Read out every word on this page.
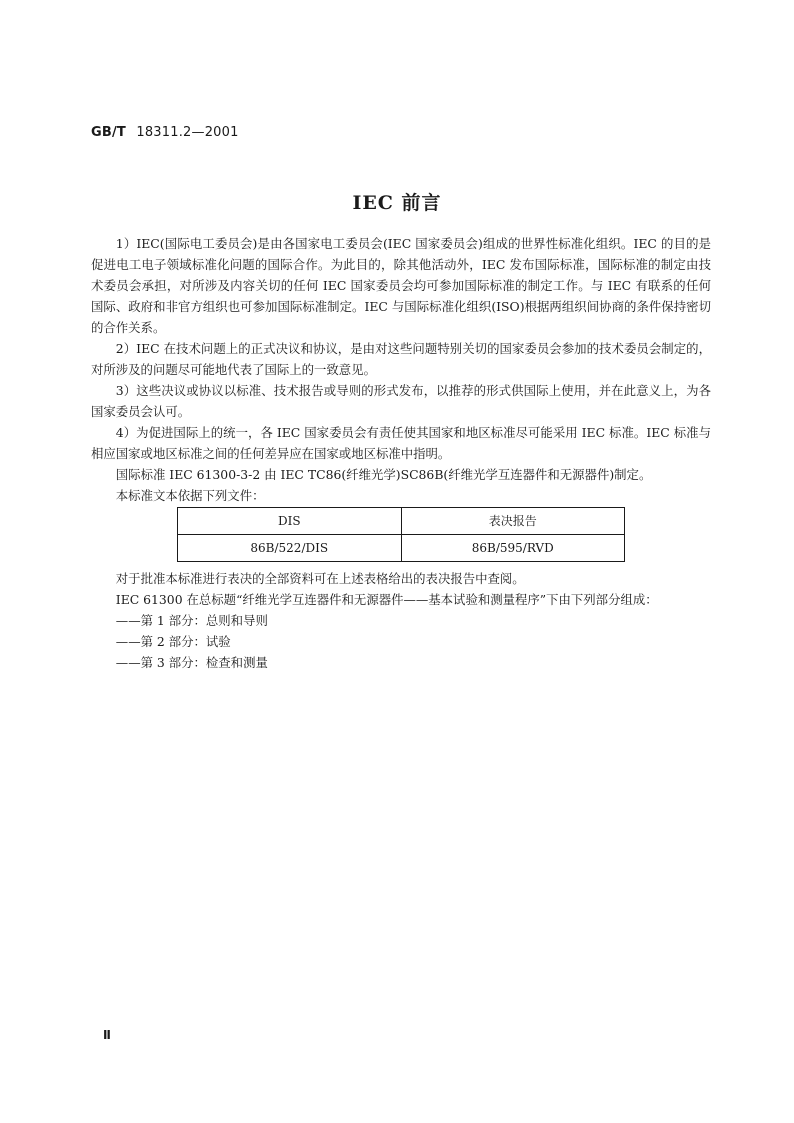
GB/T 18311.2—2001
IEC 前言

1）IEC(国际电工委员会)是由各国家电工委员会(IEC 国家委员会)组成的世界性标准化组织。IEC 的目的是促进电工电子领域标准化问题的国际合作。为此目的，除其他活动外，IEC 发布国际标准，国际标准的制定由技术委员会承担，对所涉及内容关切的任何 IEC 国家委员会均可参加国际标准的制定工作。与 IEC 有联系的任何国际、政府和非官方组织也可参加国际标准制定。IEC 与国际标准化组织(ISO)根据两组织间协商的条件保持密切的合作关系。

2）IEC 在技术问题上的正式决议和协议，是由对这些问题特别关切的国家委员会参加的技术委员会制定的，对所涉及的问题尽可能地代表了国际上的一致意见。

3）这些决议或协议以标准、技术报告或导则的形式发布，以推荐的形式供国际上使用，并在此意义上，为各国家委员会认可。

4）为促进国际上的统一，各 IEC 国家委员会有责任使其国家和地区标准尽可能采用 IEC 标准。IEC 标准与相应国家或地区标准之间的任何差异应在国家或地区标准中指明。

国际标准 IEC 61300-3-2 由 IEC TC86(纤维光学)SC86B(纤维光学互连器件和无源器件)制定。

本标准文本依据下列文件：

DIS	表决报告
86B/522/DIS	86B/595/RVD

对于批准本标准进行表决的全部资料可在上述表格给出的表决报告中查阅。

IEC 61300 在总标题“纤维光学互连器件和无源器件——基本试验和测量程序”下由下列部分组成：

——第 1 部分：总则和导则

——第 2 部分：试验

——第 3 部分：检查和测量

Ⅱ
